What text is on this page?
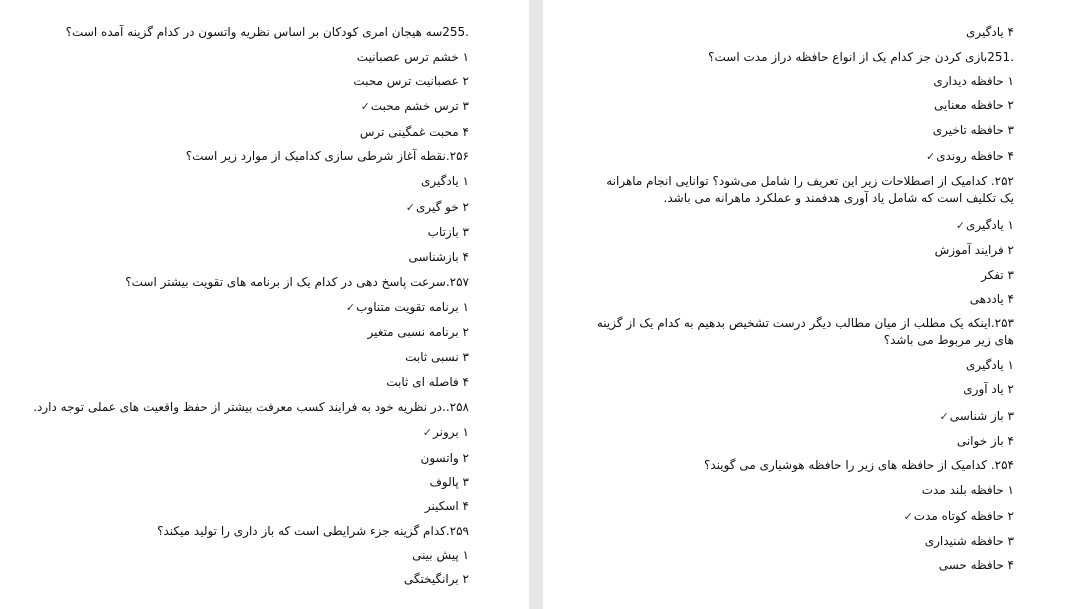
.255سه هیجان امری کودکان بر اساس نظریه واتسون در کدام گزینه آمده است؟
۱ خشم ترس عصبانیت
۲ عصبانیت ترس محبت
۳ ترس خشم محبت✓
۴ محبت غمگینی ترس
۲۵۶.نقطه آغاز شرطی سازی کدامیک از موارد زیر است؟
۱ یادگیری
۲ خو گیری✓
۳ بازتاب
۴ بازشناسی
۲۵۷.سرعت پاسخ دهی در کدام یک از برنامه های تقویت بیشتر است؟
۱ برنامه تقویت متناوب✓
۲ برنامه نسبی متغیر
۳ نسبی ثابت
۴ فاصله ای ثابت
۲۵۸..در نظریه خود به فرایند کسب معرفت بیشتر از حفظ واقعیت های عملی توجه دارد.
۱ برونر✓
۲ واتسون
۳ پالوف
۴ اسکینر
۲۵۹.کدام گزینه جزء شرایطی است که باز داری را تولید میکند؟
۱ پیش بینی
۲ برانگیختگی
۴ یادگیری
.251بازی کردن جز کدام یک از انواع حافظه دراز مدت است؟
۱ حافظه دیداری
۲ حافظه معنایی
۳ حافظه تاخیری
۴ حافظه روندی✓
۲۵۲. کدامیک از اصطلاحات زیر این تعریف را شامل می‌شود؟ توانایی انجام ماهرانه یک تکلیف است که شامل یاد آوری هدفمند و عملکرد ماهرانه می باشد.
۱ یادگیری✓
۲ فرایند آموزش
۳ تفکر
۴ یاددهی
۲۵۳.اینکه یک مطلب از میان مطالب دیگر درست تشخیص بدهیم به کدام یک از گزینه های زیر مربوط می باشد؟
۱ یادگیری
۲ یاد آوری
۳ باز شناسی✓
۴ باز خوانی
۲۵۴. کدامیک از حافظه های زیر را حافظه هوشیاری می گویند؟
۱ حافظه بلند مدت
۲ حافظه کوتاه مدت✓
۳ حافظه شنیداری
۴ حافظه حسی
